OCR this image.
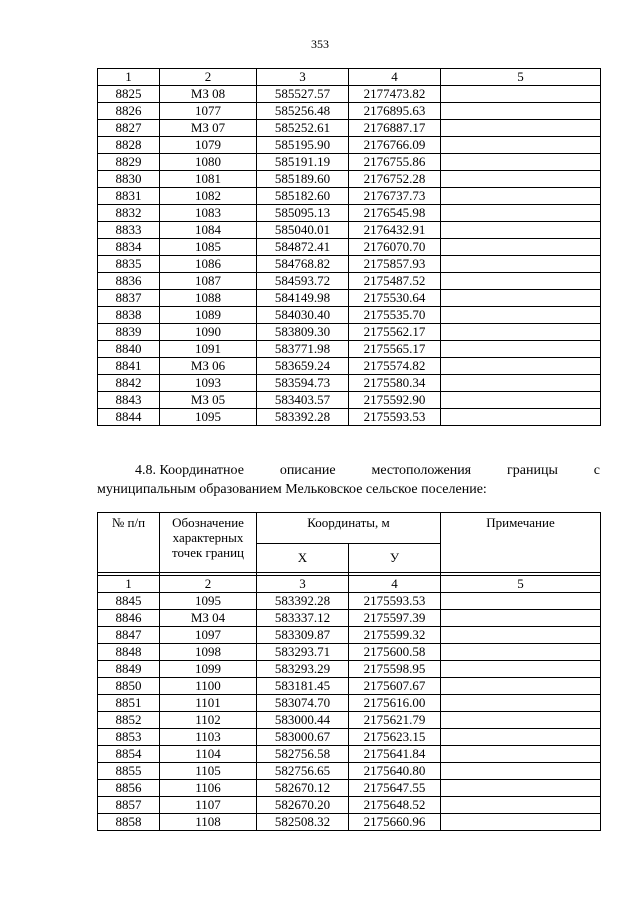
353
1	2	3	4	5
8825	МЗ 08	585527.57	2177473.82	
8826	1077	585256.48	2176895.63	
8827	МЗ 07	585252.61	2176887.17	
8828	1079	585195.90	2176766.09	
8829	1080	585191.19	2176755.86	
8830	1081	585189.60	2176752.28	
8831	1082	585182.60	2176737.73	
8832	1083	585095.13	2176545.98	
8833	1084	585040.01	2176432.91	
8834	1085	584872.41	2176070.70	
8835	1086	584768.82	2175857.93	
8836	1087	584593.72	2175487.52	
8837	1088	584149.98	2175530.64	
8838	1089	584030.40	2175535.70	
8839	1090	583809.30	2175562.17	
8840	1091	583771.98	2175565.17	
8841	МЗ 06	583659.24	2175574.82	
8842	1093	583594.73	2175580.34	
8843	МЗ 05	583403.57	2175592.90	
8844	1095	583392.28	2175593.53	
4.8. Координатное	описание	местоположения	границы	с
муниципальным образованием Мельковское сельское поселение:
№ п/п	Обозначение характерных точек границ	Координаты, м		Примечание
		Х	У	

1	2	3	4	5
8845	1095	583392.28	2175593.53	
8846	МЗ 04	583337.12	2175597.39	
8847	1097	583309.87	2175599.32	
8848	1098	583293.71	2175600.58	
8849	1099	583293.29	2175598.95	
8850	1100	583181.45	2175607.67	
8851	1101	583074.70	2175616.00	
8852	1102	583000.44	2175621.79	
8853	1103	583000.67	2175623.15	
8854	1104	582756.58	2175641.84	
8855	1105	582756.65	2175640.80	
8856	1106	582670.12	2175647.55	
8857	1107	582670.20	2175648.52	
8858	1108	582508.32	2175660.96	
